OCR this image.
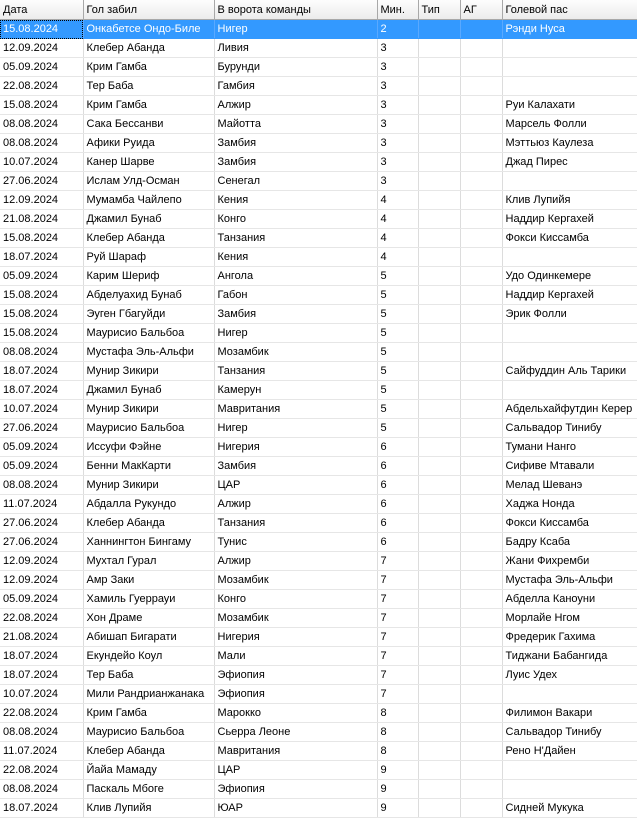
Дата	Гол забил	В ворота команды	Мин.	Тип	АГ	Голевой пас
15.08.2024	Онкабетсе Ондо-Биле	Нигер	2			Рэнди Нуса
12.09.2024	Клебер Абанда	Ливия	3			
05.09.2024	Крим Гамба	Бурунди	3			
22.08.2024	Тер Баба	Гамбия	3			
15.08.2024	Крим Гамба	Алжир	3			Руи Калахати
08.08.2024	Сака Бессанви	Майотта	3			Марсель Фолли
08.08.2024	Афики Руида	Замбия	3			Мэттьюз Каулеза
10.07.2024	Канер Шарве	Замбия	3			Джад Пирес
27.06.2024	Ислам Улд-Осман	Сенегал	3			
12.09.2024	Мумамба Чайлепо	Кения	4			Клив Лупийя
21.08.2024	Джамил Бунаб	Конго	4			Наддир Кергахей
15.08.2024	Клебер Абанда	Танзания	4			Фокси Киссамба
18.07.2024	Руй Шараф	Кения	4			
05.09.2024	Карим Шериф	Ангола	5			Удо Одинкемере
15.08.2024	Абделуахид Бунаб	Габон	5			Наддир Кергахей
15.08.2024	Эуген Гбагуйди	Замбия	5			Эрик Фолли
15.08.2024	Маурисио Бальбоа	Нигер	5			
08.08.2024	Мустафа Эль-Альфи	Мозамбик	5			
18.07.2024	Мунир Зикири	Танзания	5			Сайфуддин Аль Тарики
18.07.2024	Джамил Бунаб	Камерун	5			
10.07.2024	Мунир Зикири	Мавритания	5			Абдельхайфутдин Керер
27.06.2024	Маурисио Бальбоа	Нигер	5			Сальвадор Тинибу
05.09.2024	Иссуфи Фэйне	Нигерия	6			Тумани Нанго
05.09.2024	Бенни МакКарти	Замбия	6			Сифиве Мтавали
08.08.2024	Мунир Зикири	ЦАР	6			Мелад Шеванэ
11.07.2024	Абдалла Рукундо	Алжир	6			Хаджа Нонда
27.06.2024	Клебер Абанда	Танзания	6			Фокси Киссамба
27.06.2024	Ханнингтон Бингаму	Тунис	6			Бадру Ксаба
12.09.2024	Мухтал Гурал	Алжир	7			Жани Фихремби
12.09.2024	Амр Заки	Мозамбик	7			Мустафа Эль-Альфи
05.09.2024	Хамиль Гуеррауи	Конго	7			Абделла Каноуни
22.08.2024	Хон Драме	Мозамбик	7			Морлайе Нгом
21.08.2024	Абишап Бигарати	Нигерия	7			Фредерик Гахима
18.07.2024	Екундейо Коул	Мали	7			Тиджани Бабангида
18.07.2024	Тер Баба	Эфиопия	7			Луис Удех
10.07.2024	Мили Рандрианжанака	Эфиопия	7			
22.08.2024	Крим Гамба	Марокко	8			Филимон Вакари
08.08.2024	Маурисио Бальбоа	Сьерра Леоне	8			Сальвадор Тинибу
11.07.2024	Клебер Абанда	Мавритания	8			Рено Н'Дайен
22.08.2024	Йайа Мамаду	ЦАР	9			
08.08.2024	Паскаль Мбоге	Эфиопия	9			
18.07.2024	Клив Лупийя	ЮАР	9			Сидней Мукука
